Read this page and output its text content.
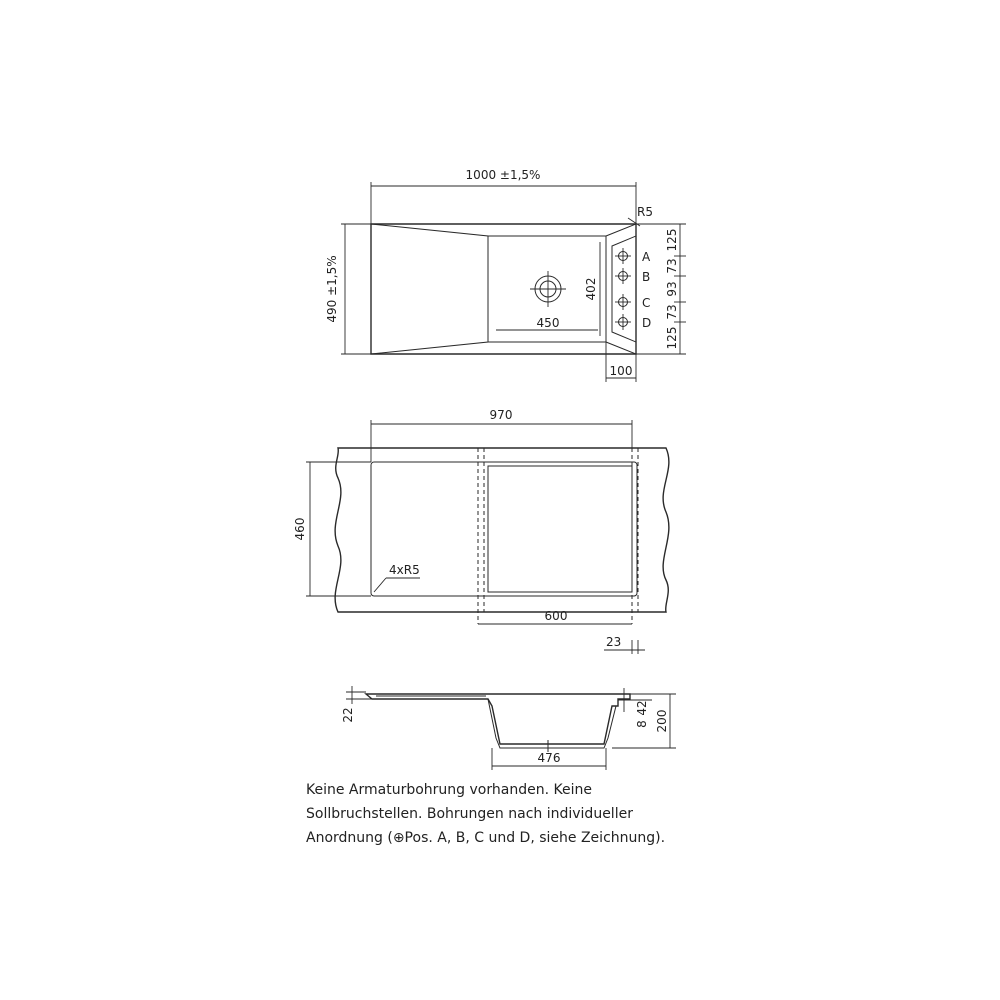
1000 ±1,5%
490 ±1,5%	402
450
R5
A
B
C
D
125
73
93
73
125
100
970
460
4xR5
600
23
22
476
200
8
42
Keine Armaturbohrung vorhanden. Keine
Sollbruchstellen. Bohrungen nach individueller
Anordnung (⊕Pos. A, B, C und D, siehe Zeichnung).
